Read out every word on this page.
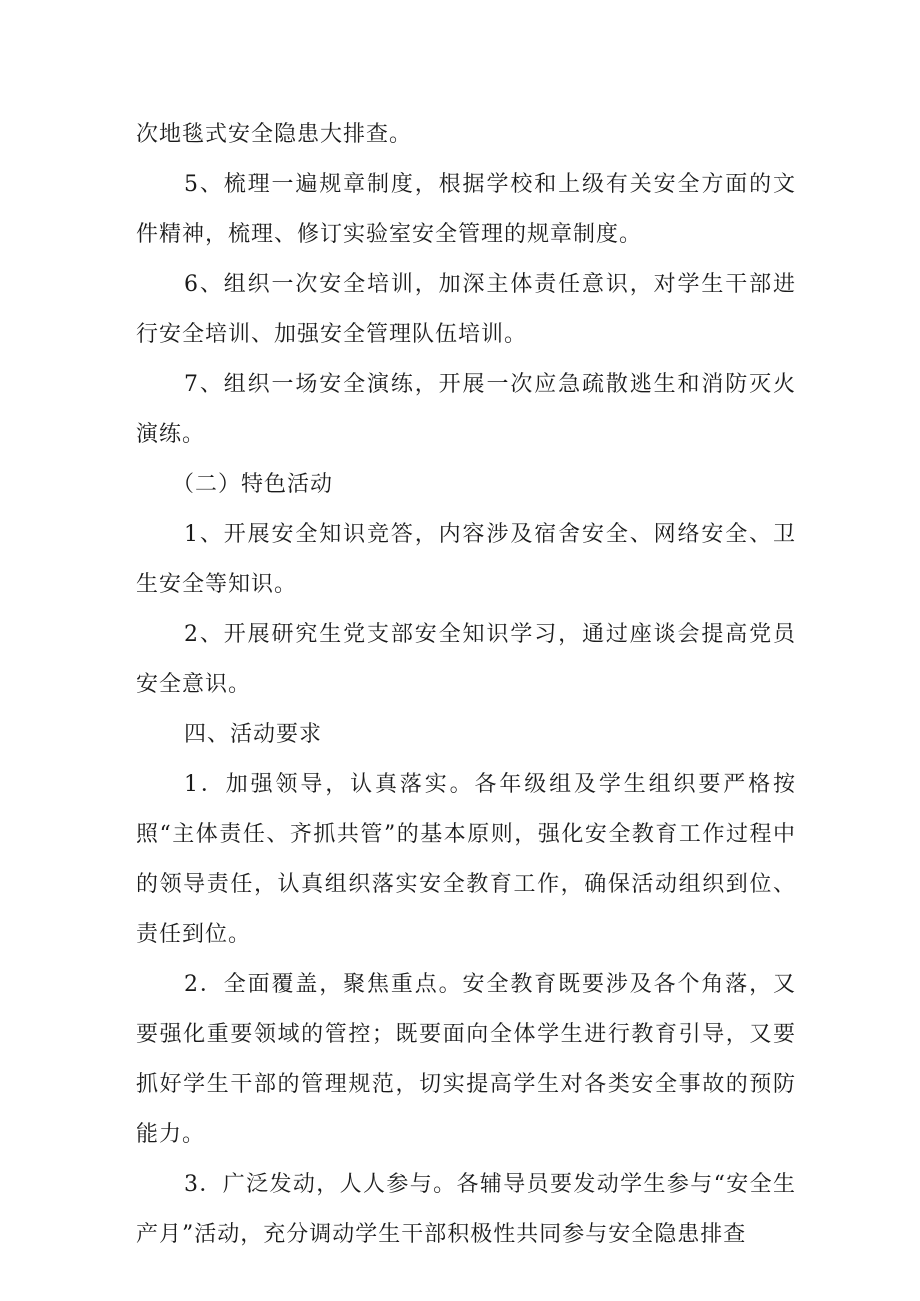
次地毯式安全隐患大排查。

5、梳理一遍规章制度，根据学校和上级有关安全方面的文件精神，梳理、修订实验室安全管理的规章制度。

6、组织一次安全培训，加深主体责任意识，对学生干部进行安全培训、加强安全管理队伍培训。

7、组织一场安全演练，开展一次应急疏散逃生和消防灭火演练。

（二）特色活动

1、开展安全知识竞答，内容涉及宿舍安全、网络安全、卫生安全等知识。

2、开展研究生党支部安全知识学习，通过座谈会提高党员安全意识。

四、活动要求

1．加强领导，认真落实。各年级组及学生组织要严格按照“主体责任、齐抓共管”的基本原则，强化安全教育工作过程中的领导责任，认真组织落实安全教育工作，确保活动组织到位、责任到位。

2．全面覆盖，聚焦重点。安全教育既要涉及各个角落，又要强化重要领域的管控；既要面向全体学生进行教育引导，又要抓好学生干部的管理规范，切实提高学生对各类安全事故的预防能力。

3．广泛发动，人人参与。各辅导员要发动学生参与“安全生产月”活动，充分调动学生干部积极性共同参与安全隐患排查
